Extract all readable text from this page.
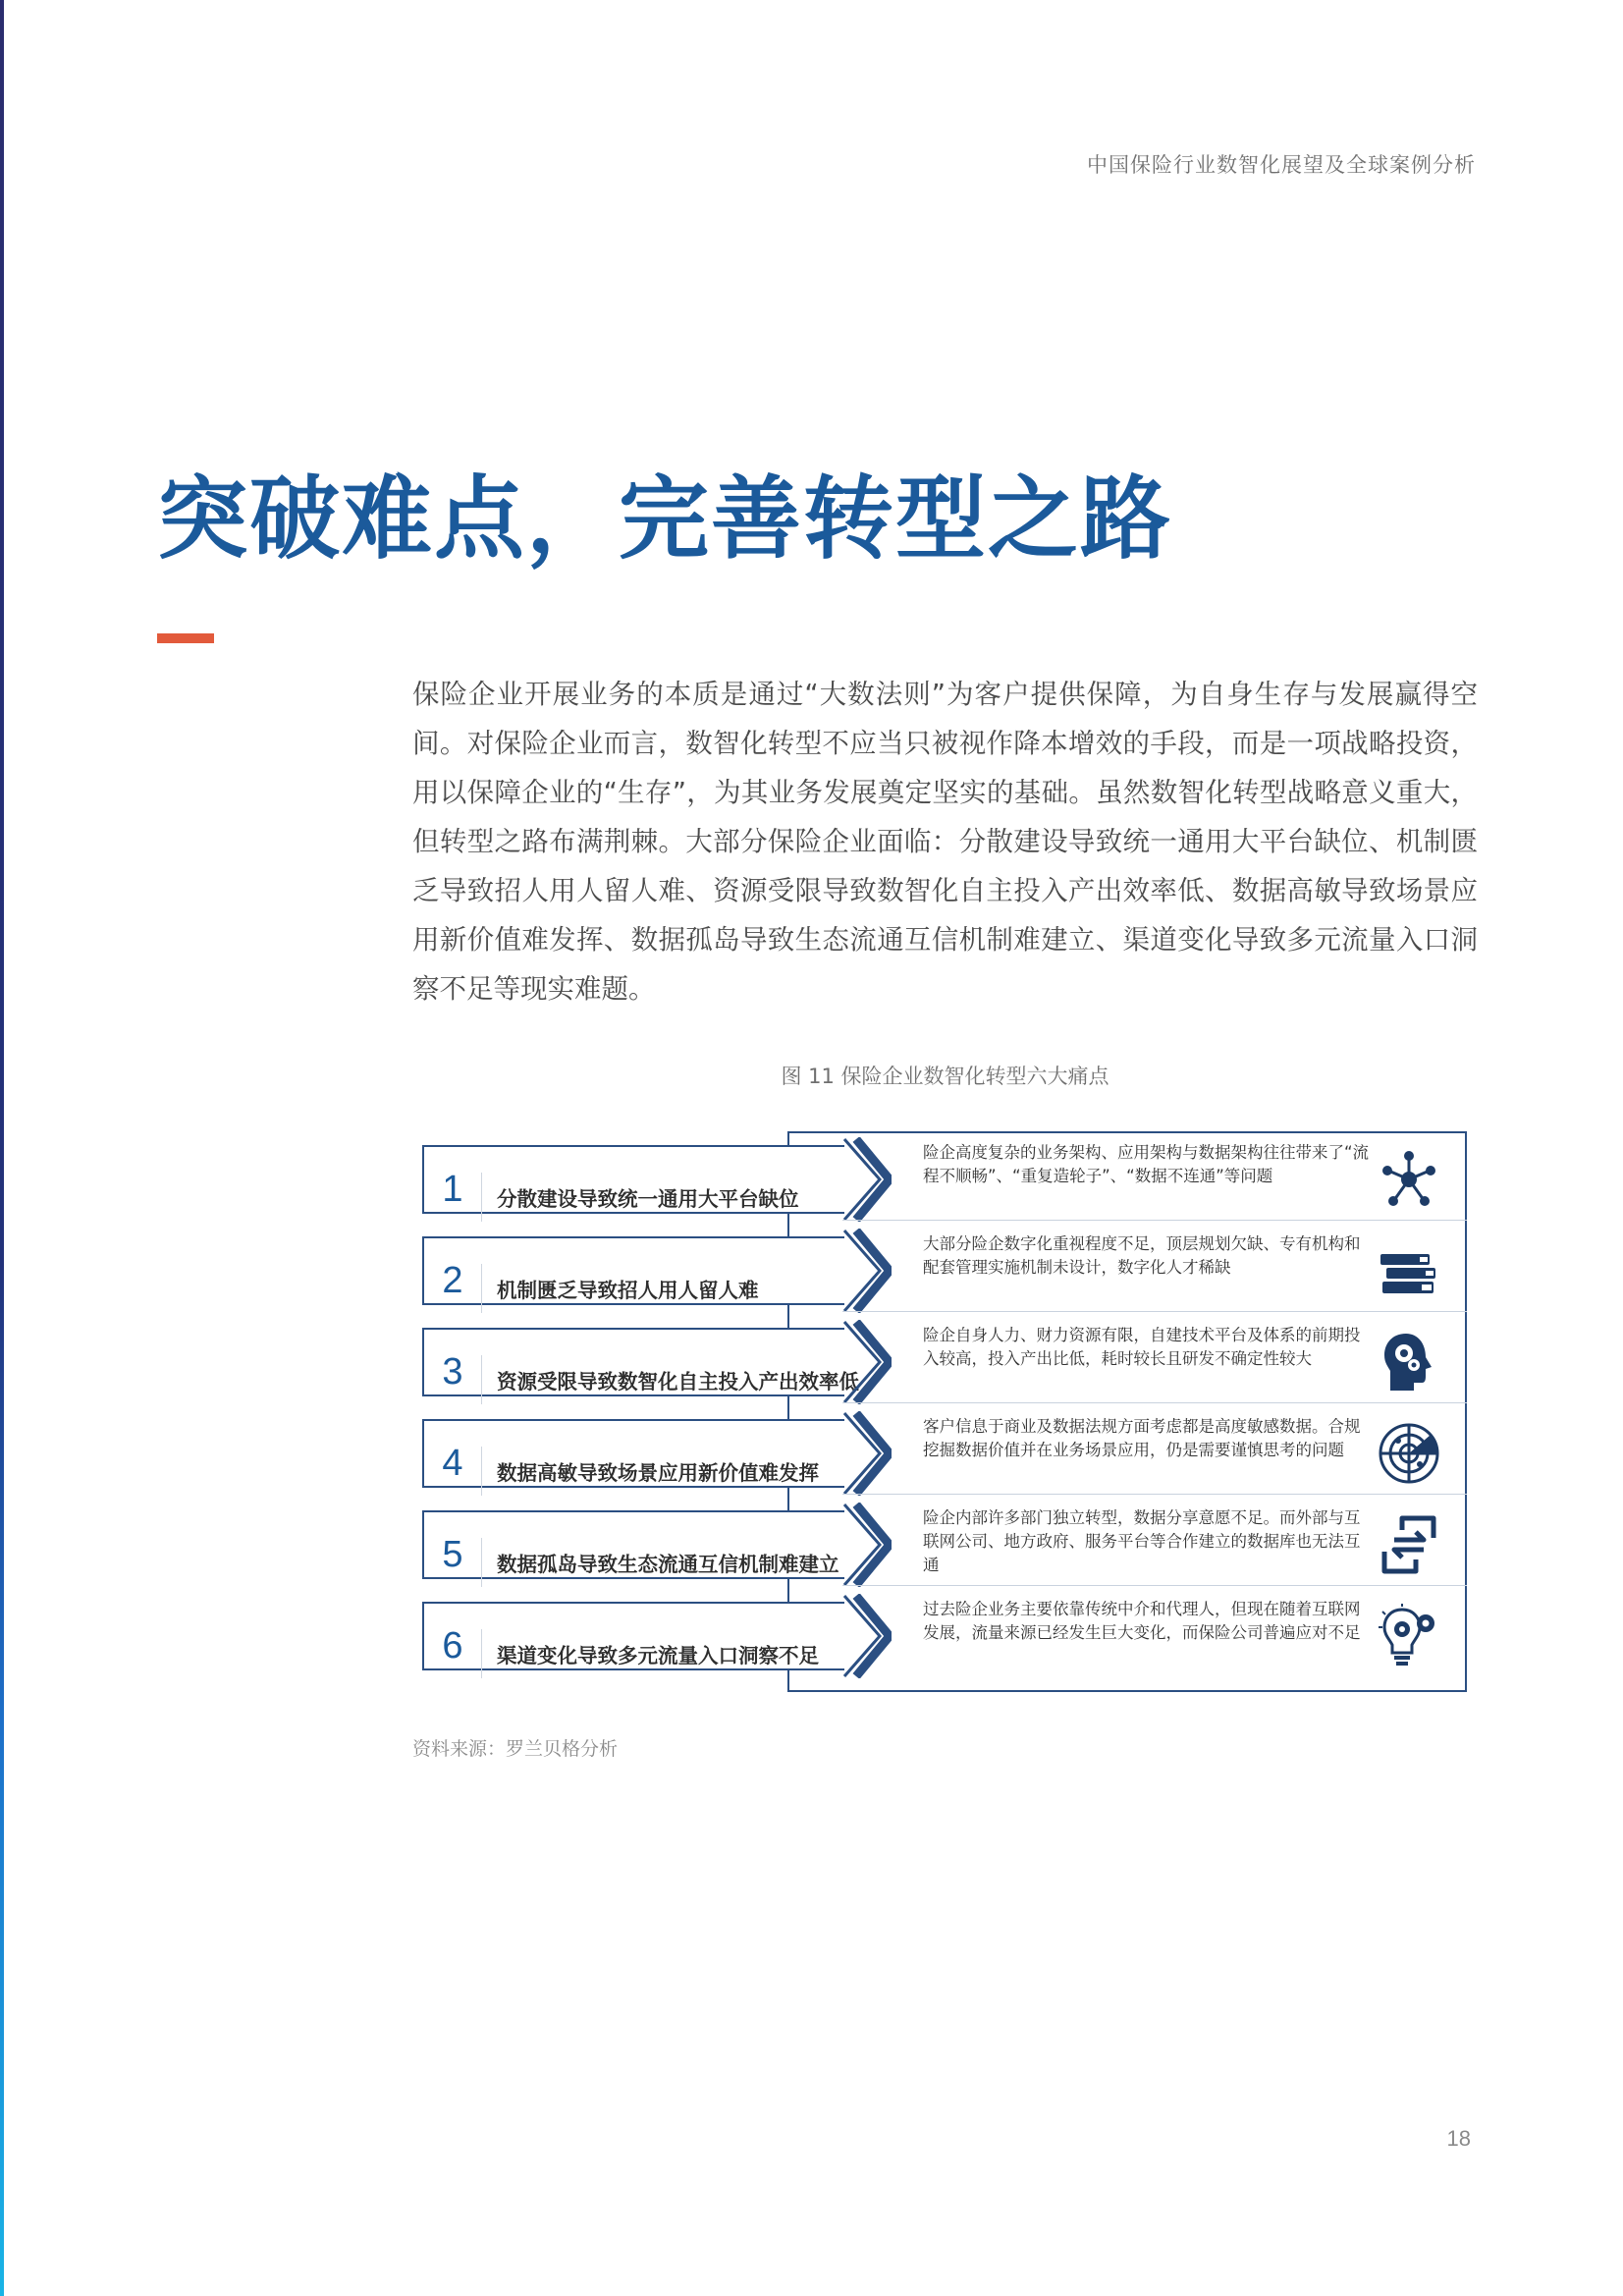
中国保险行业数智化展望及全球案例分析
突破难点，完善转型之路

保险企业开展业务的本质是通过“大数法则”为客户提供保障，为自身生存与发展赢得空间。对保险企业而言，数智化转型不应当只被视作降本增效的手段，而是一项战略投资，用以保障企业的“生存”，为其业务发展奠定坚实的基础。虽然数智化转型战略意义重大，但转型之路布满荆棘。大部分保险企业面临：分散建设导致统一通用大平台缺位、机制匮乏导致招人用人留人难、资源受限导致数智化自主投入产出效率低、数据高敏导致场景应用新价值难发挥、数据孤岛导致生态流通互信机制难建立、渠道变化导致多元流量入口洞察不足等现实难题。

图 11 保险企业数智化转型六大痛点
1	分散建设导致统一通用大平台缺位
险企高度复杂的业务架构、应用架构与数据架构往往带来了“流程不顺畅”、“重复造轮子”、“数据不连通”等问题
2	机制匮乏导致招人用人留人难
大部分险企数字化重视程度不足，顶层规划欠缺、专有机构和配套管理实施机制未设计，数字化人才稀缺
3	资源受限导致数智化自主投入产出效率低
险企自身人力、财力资源有限，自建技术平台及体系的前期投入较高，投入产出比低，耗时较长且研发不确定性较大
4	数据高敏导致场景应用新价值难发挥
客户信息于商业及数据法规方面考虑都是高度敏感数据。合规挖掘数据价值并在业务场景应用，仍是需要谨慎思考的问题
5	数据孤岛导致生态流通互信机制难建立
险企内部许多部门独立转型，数据分享意愿不足。而外部与互联网公司、地方政府、服务平台等合作建立的数据库也无法互通
6	渠道变化导致多元流量入口洞察不足
过去险企业务主要依靠传统中介和代理人，但现在随着互联网发展，流量来源已经发生巨大变化，而保险公司普遍应对不足
资料来源：罗兰贝格分析
18
